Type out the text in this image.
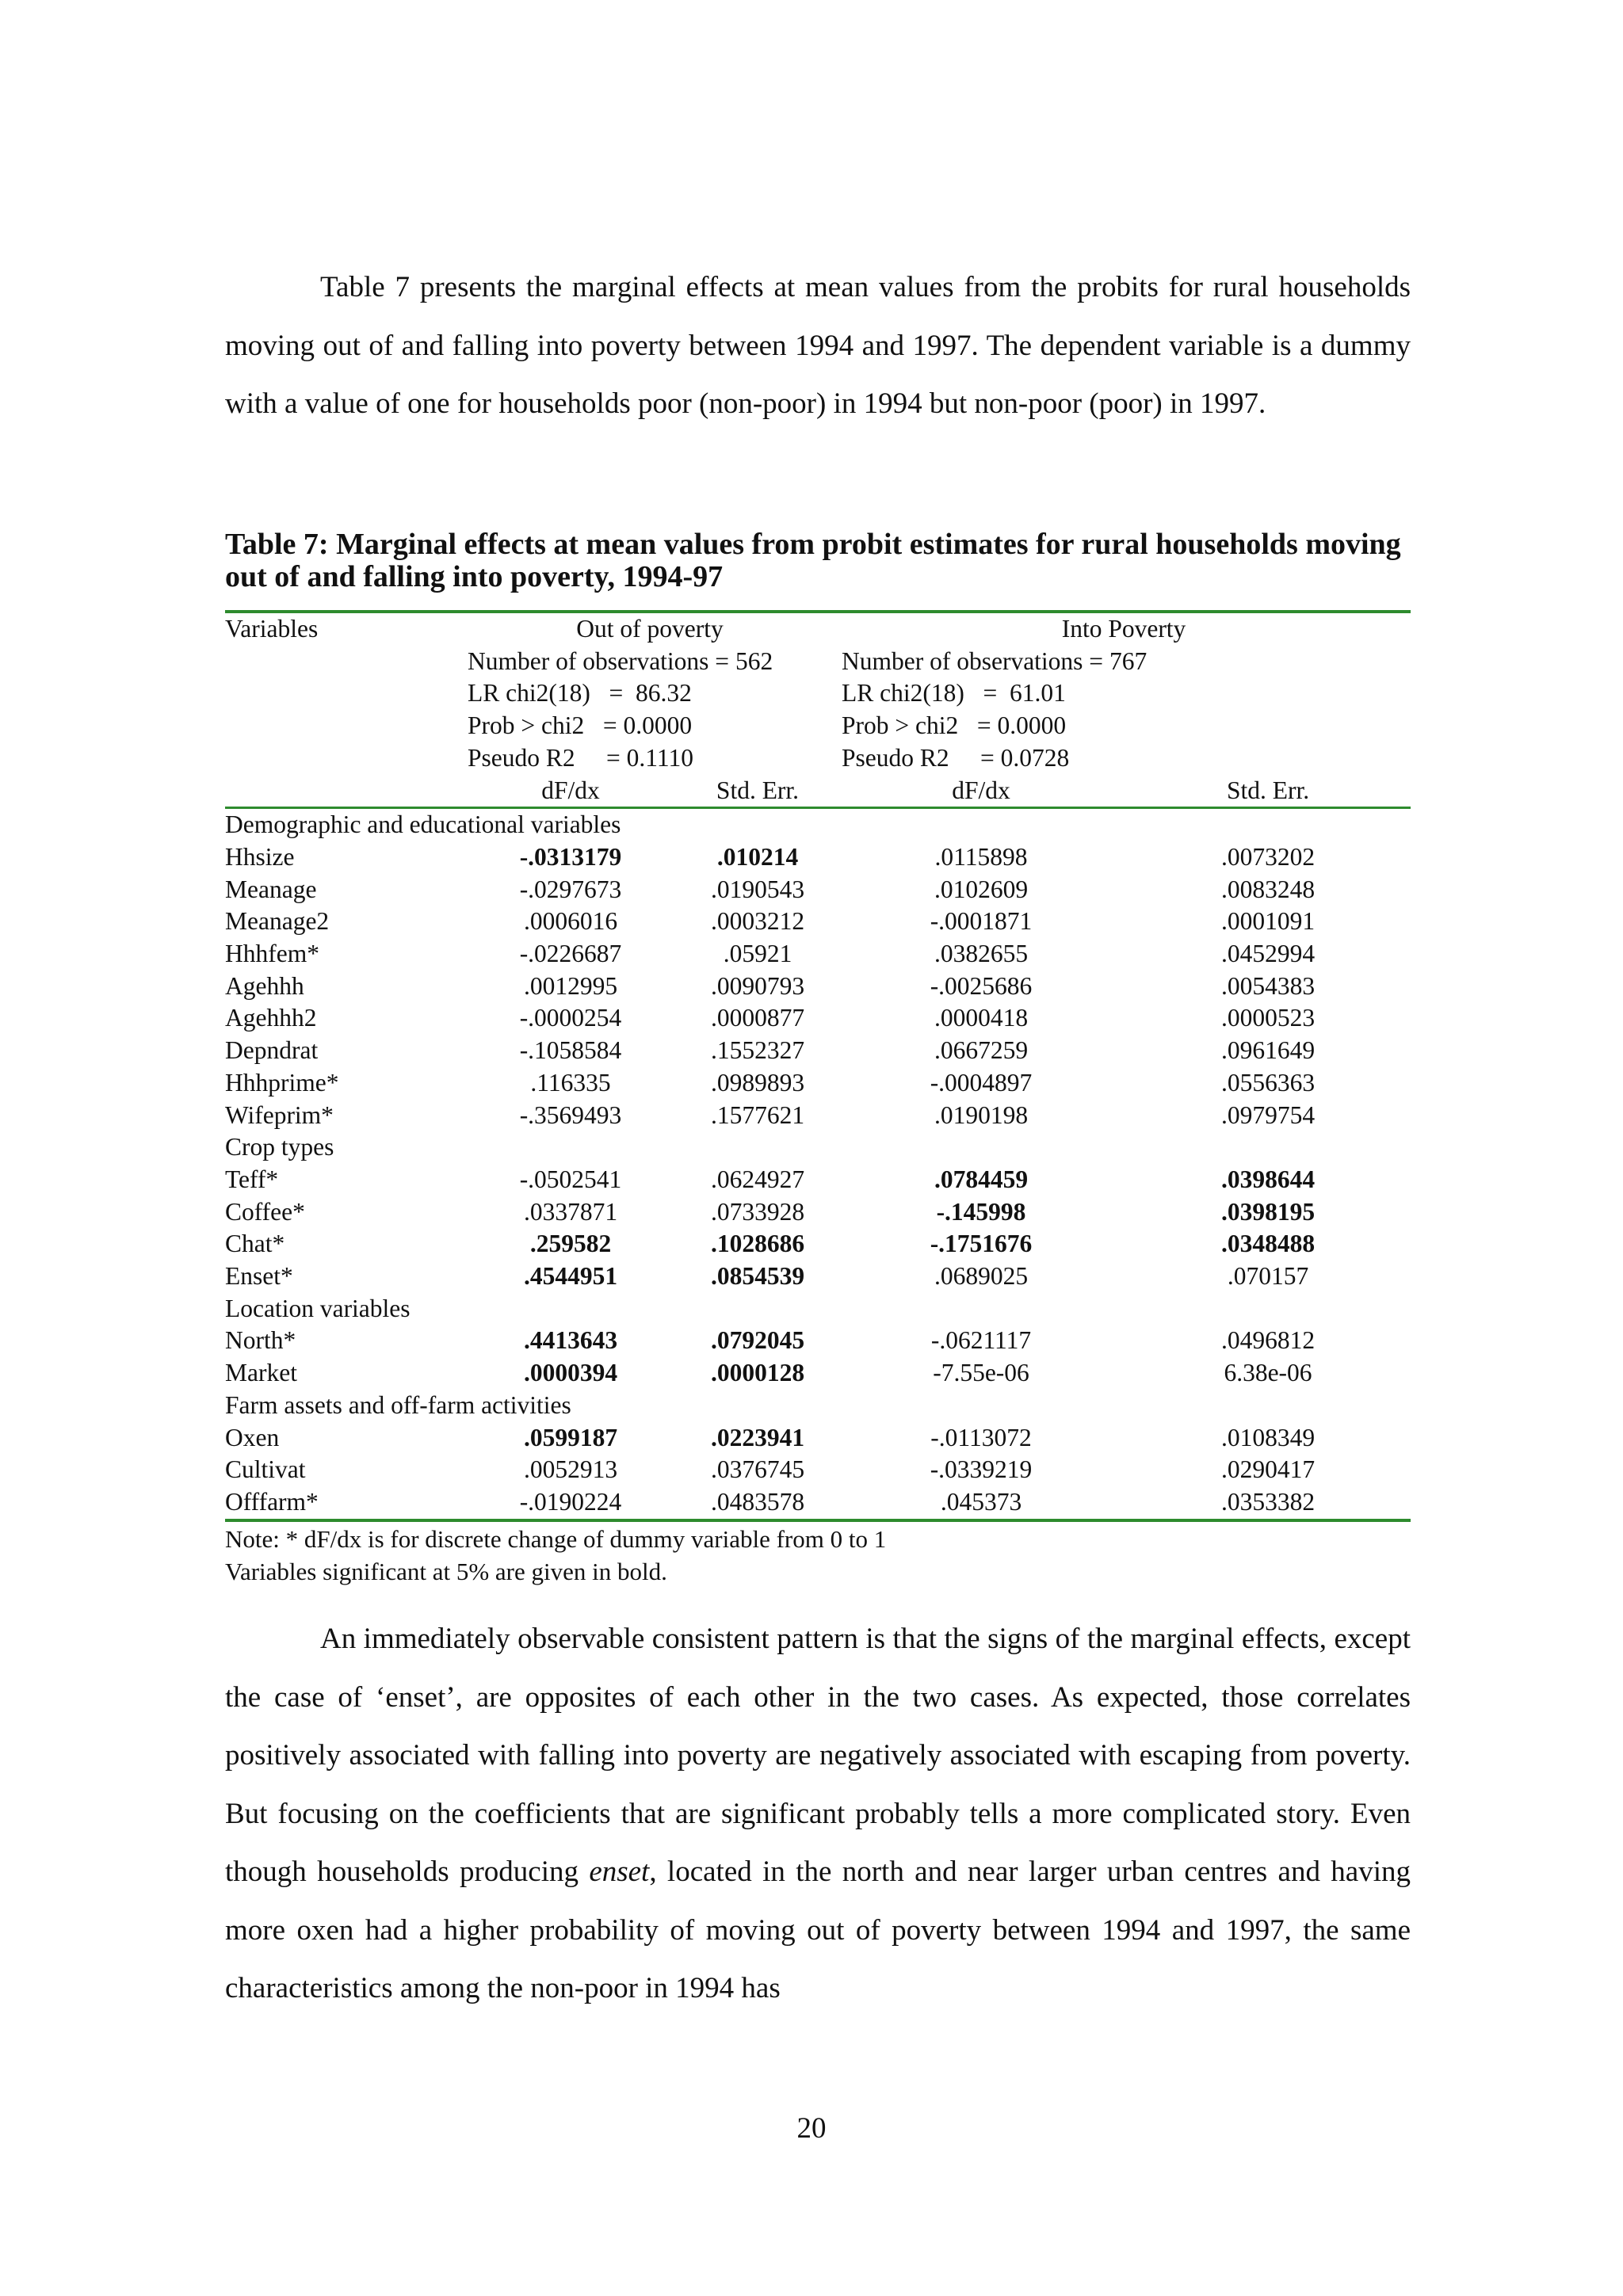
Table 7 presents the marginal effects at mean values from the probits for rural households moving out of and falling into poverty between 1994 and 1997. The dependent variable is a dummy with a value of one for households poor (non-poor) in 1994 but non-poor (poor) in 1997.

Table 7: Marginal effects at mean values from probit estimates for rural households moving out of and falling into poverty, 1994-97

Variables	Out of poverty		Into Poverty	
	Number of observations = 562		Number of observations = 767	
	LR chi2(18)   =  86.32		LR chi2(18)   =  61.01	
	Prob > chi2   = 0.0000		Prob > chi2   = 0.0000	
	Pseudo R2     = 0.1110		Pseudo R2     = 0.0728	
	dF/dx	Std. Err.	dF/dx	Std. Err.
Demographic and educational variables				
Hhsize	-.0313179	.010214	.0115898	.0073202
Meanage	-.0297673	.0190543	.0102609	.0083248
Meanage2	.0006016	.0003212	-.0001871	.0001091
Hhhfem*	-.0226687	.05921	.0382655	.0452994
Agehhh	.0012995	.0090793	-.0025686	.0054383
Agehhh2	-.0000254	.0000877	.0000418	.0000523
Depndrat	-.1058584	.1552327	.0667259	.0961649
Hhhprime*	.116335	.0989893	-.0004897	.0556363
Wifeprim*	-.3569493	.1577621	.0190198	.0979754
Crop types				
Teff*	-.0502541	.0624927	.0784459	.0398644
Coffee*	.0337871	.0733928	-.145998	.0398195
Chat*	.259582	.1028686	-.1751676	.0348488
Enset*	.4544951	.0854539	.0689025	.070157
Location variables				
North*	.4413643	.0792045	-.0621117	.0496812
Market	.0000394	.0000128	-7.55e-06	6.38e-06
Farm assets and off-farm activities				
Oxen	.0599187	.0223941	-.0113072	.0108349
Cultivat	.0052913	.0376745	-.0339219	.0290417
Offfarm*	-.0190224	.0483578	.045373	.0353382
Note: * dF/dx is for discrete change of dummy variable from 0 to 1
Variables significant at 5% are given in bold.

An immediately observable consistent pattern is that the signs of the marginal effects, except the case of ‘enset’, are opposites of each other in the two cases. As expected, those correlates positively associated with falling into poverty are negatively associated with escaping from poverty. But focusing on the coefficients that are significant probably tells a more complicated story. Even though households producing enset, located in the north and near larger urban centres and having more oxen had a higher probability of moving out of poverty between 1994 and 1997, the same characteristics among the non-poor in 1994 has

20
